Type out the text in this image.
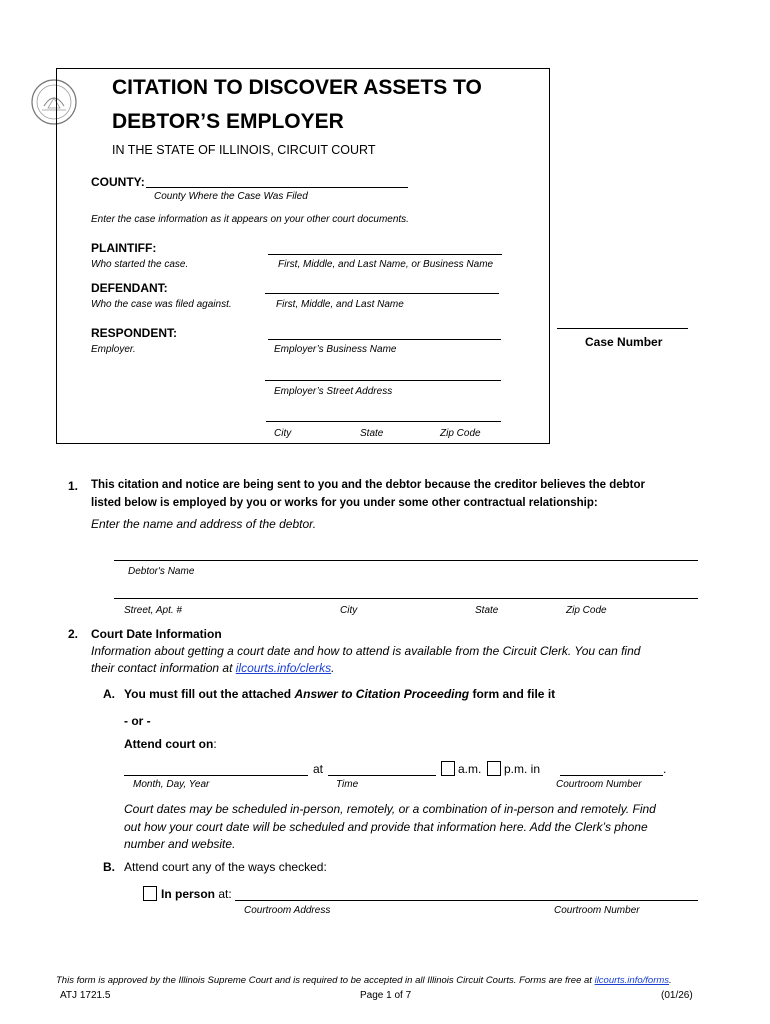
CITATION TO DISCOVER ASSETS TO
DEBTOR’S EMPLOYER
IN THE STATE OF ILLINOIS, CIRCUIT COURT
COUNTY:
County Where the Case Was Filed
Enter the case information as it appears on your other court documents.
PLAINTIFF:
Who started the case.	First, Middle, and Last Name, or Business Name
DEFENDANT:
Who the case was filed against.	First, Middle, and Last Name
RESPONDENT:
Employer.	Employer’s Business Name
Employer’s Street Address
City	State	Zip Code
Case Number
1. This citation and notice are being sent to you and the debtor because the creditor believes the debtor
listed below is employed by you or works for you under some other contractual relationship:
Enter the name and address of the debtor.
Debtor's Name
Street, Apt. #	City	State	Zip Code
2. Court Date Information
Information about getting a court date and how to attend is available from the Circuit Clerk. You can find
their contact information at ilcourts.info/clerks.
A. You must fill out the attached Answer to Citation Proceeding form and file it
- or -
Attend court on:
at	a.m. p.m. in	.
Month, Day, Year	Time	Courtroom Number
Court dates may be scheduled in-person, remotely, or a combination of in-person and remotely. Find
out how your court date will be scheduled and provide that information here. Add the Clerk’s phone
number and website.
B. Attend court any of the ways checked:
In person at:
Courtroom Address	Courtroom Number
This form is approved by the Illinois Supreme Court and is required to be accepted in all Illinois Circuit Courts. Forms are free at ilcourts.info/forms.
ATJ 1721.5	Page 1 of 7	(01/26)
